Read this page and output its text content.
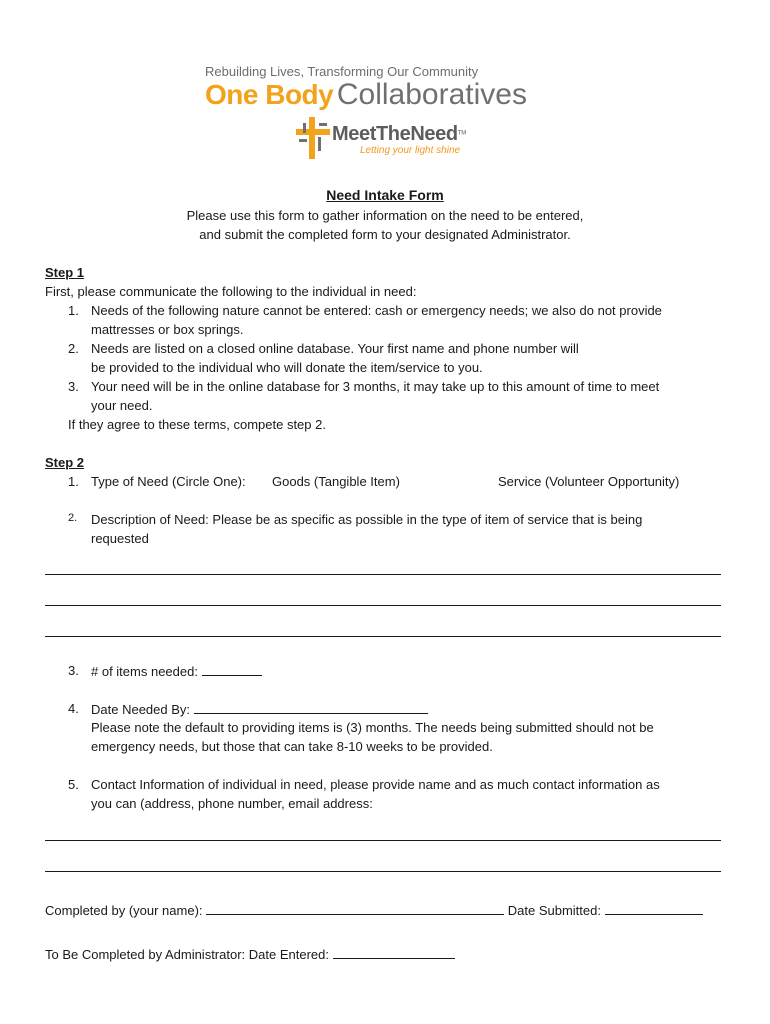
Rebuilding Lives, Transforming Our Community
One Body Collaboratives
MeetTheNeed™
Letting your light shine
Need Intake Form
Please use this form to gather information on the need to be entered,
and submit the completed form to your designated Administrator.
Step 1
First, please communicate the following to the individual in need:
1. Needs of the following nature cannot be entered: cash or emergency needs; we also do not provide
mattresses or box springs.
2. Needs are listed on a closed online database. Your first name and phone number will
be provided to the individual who will donate the item/service to you.
3. Your need will be in the online database for 3 months, it may take up to this amount of time to meet
your need.
If they agree to these terms, compete step 2.
Step 2
1. Type of Need (Circle One): Goods (Tangible Item)	Service (Volunteer Opportunity)
2. Description of Need: Please be as specific as possible in the type of item of service that is being
requested
3. # of items needed:
4. Date Needed By:
Please note the default to providing items is (3) months. The needs being submitted should not be
emergency needs, but those that can take 8-10 weeks to be provided.
5. Contact Information of individual in need, please provide name and as much contact information as
you can (address, phone number, email address:
Completed by (your name):	Date Submitted:
To Be Completed by Administrator: Date Entered:
